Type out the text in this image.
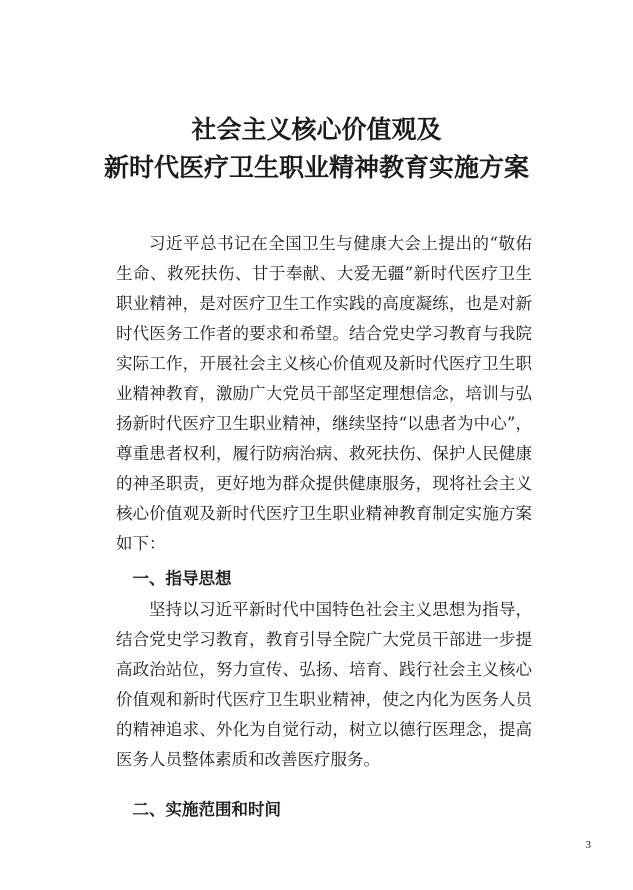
社会主义核心价值观及
新时代医疗卫生职业精神教育实施方案

习近平总书记在全国卫生与健康大会上提出的“敬佑生命、救死扶伤、甘于奉献、大爱无疆”新时代医疗卫生职业精神，是对医疗卫生工作实践的高度凝练，也是对新时代医务工作者的要求和希望。结合党史学习教育与我院实际工作，开展社会主义核心价值观及新时代医疗卫生职业精神教育，激励广大党员干部坚定理想信念，培训与弘扬新时代医疗卫生职业精神，继续坚持“以患者为中心”，尊重患者权利，履行防病治病、救死扶伤、保护人民健康的神圣职责，更好地为群众提供健康服务，现将社会主义核心价值观及新时代医疗卫生职业精神教育制定实施方案如下：

一、指导思想

坚持以习近平新时代中国特色社会主义思想为指导，结合党史学习教育，教育引导全院广大党员干部进一步提高政治站位，努力宣传、弘扬、培育、践行社会主义核心价值观和新时代医疗卫生职业精神，使之内化为医务人员的精神追求、外化为自觉行动，树立以德行医理念，提高医务人员整体素质和改善医疗服务。

二、实施范围和时间

3
